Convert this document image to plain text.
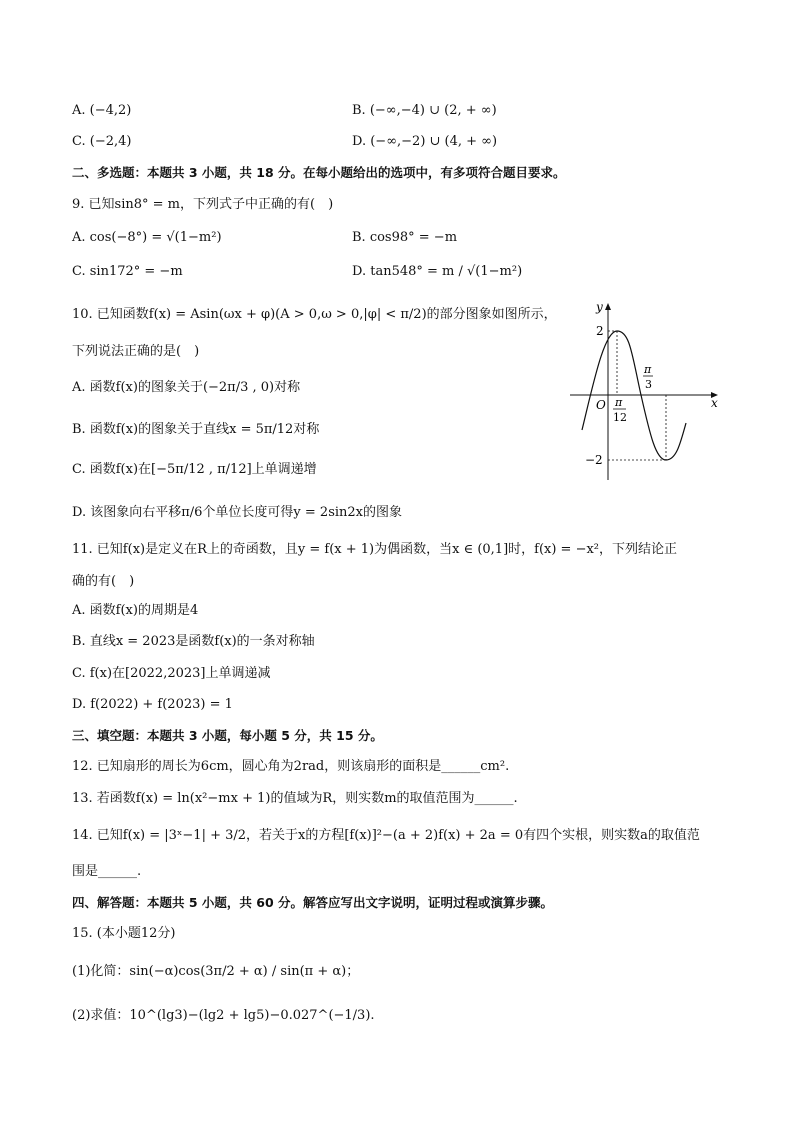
A. (−4,2)	B. (−∞,−4) ∪ (2, + ∞)
C. (−2,4)	D. (−∞,−2) ∪ (4, + ∞)
二、多选题：本题共 3 小题，共 18 分。在每小题给出的选项中，有多项符合题目要求。
9. 已知sin8° = m，下列式子中正确的有(　)
A. cos(−8°) = √(1−m²)	B. cos98° = −m
C. sin172° = −m	D. tan548° = m / √(1−m²)
10. 已知函数f(x) = Asin(ωx + φ)(A > 0,ω > 0,|φ| < π/2)的部分图象如图所示，
下列说法正确的是(　)
A. 函数f(x)的图象关于(−2π/3 , 0)对称
B. 函数f(x)的图象关于直线x = 5π/12对称
C. 函数f(x)在[−5π/12 , π/12]上单调递增
D. 该图象向右平移π/6个单位长度可得y = 2sin2x的图象
y
x
O
2
−2
π
12
π
3
11. 已知f(x)是定义在R上的奇函数，且y = f(x + 1)为偶函数，当x ∈ (0,1]时，f(x) = −x²，下列结论正
确的有(　)
A. 函数f(x)的周期是4
B. 直线x = 2023是函数f(x)的一条对称轴
C. f(x)在[2022,2023]上单调递减
D. f(2022) + f(2023) = 1
三、填空题：本题共 3 小题，每小题 5 分，共 15 分。
12. 已知扇形的周长为6cm，圆心角为2rad，则该扇形的面积是______cm².
13. 若函数f(x) = ln(x²−mx + 1)的值域为R，则实数m的取值范围为______.
14. 已知f(x) = |3ˣ−1| + 3/2，若关于x的方程[f(x)]²−(a + 2)f(x) + 2a = 0有四个实根，则实数a的取值范
围是______.
四、解答题：本题共 5 小题，共 60 分。解答应写出文字说明，证明过程或演算步骤。
15. (本小题12分)
(1)化简：sin(−α)cos(3π/2 + α) / sin(π + α)；
(2)求值：10^(lg3)−(lg2 + lg5)−0.027^(−1/3).
